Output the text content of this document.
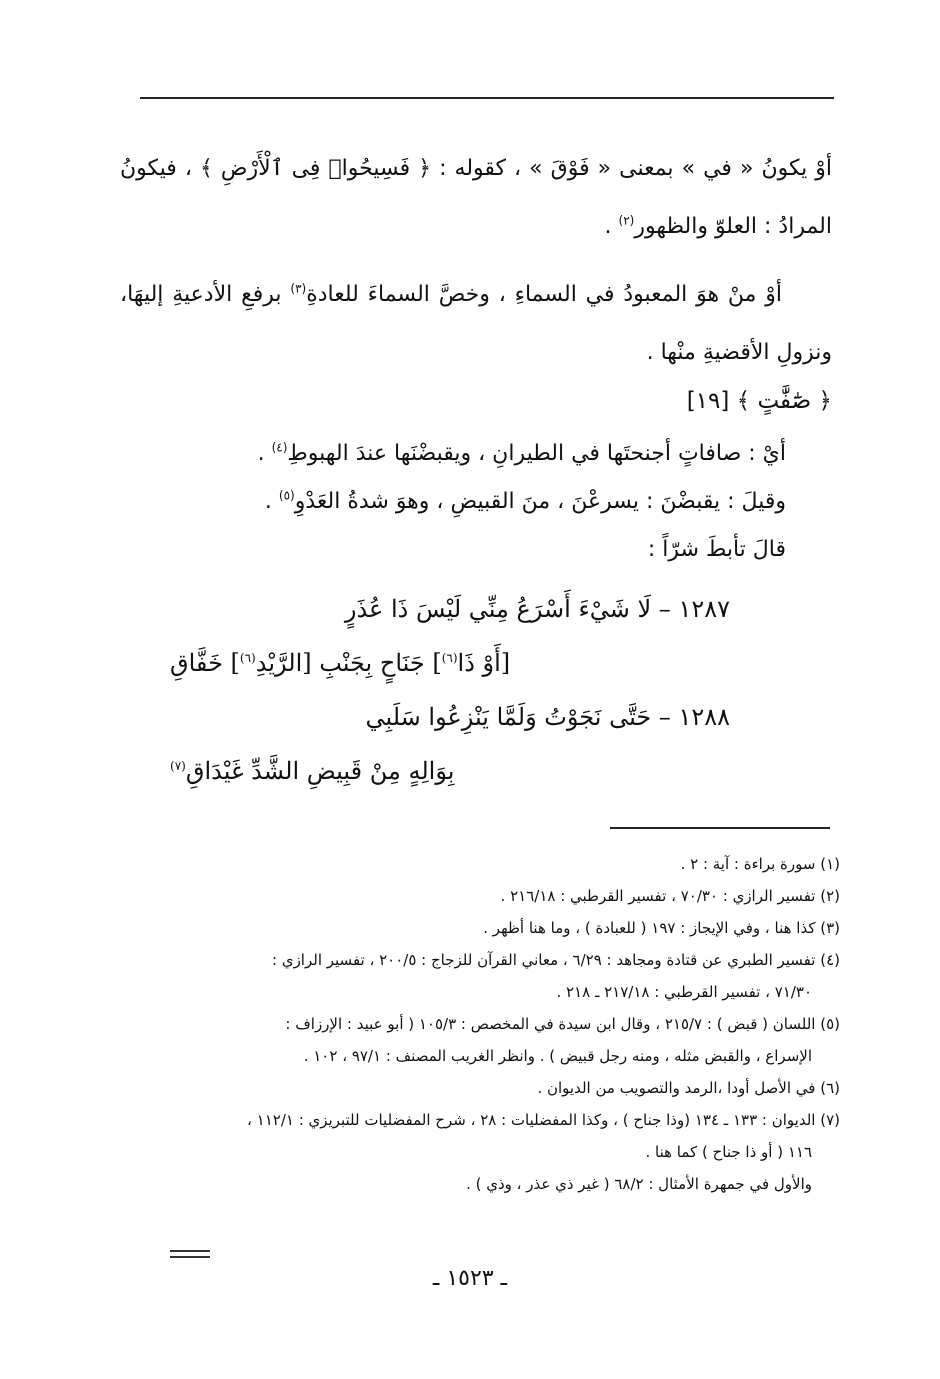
أوْ يكونُ « في » بمعنى « فَوْقَ » ، كقوله : ﴿ فَسِيحُوا۟ فِى ٱلْأَرْضِ ﴾ ، فيكونُ المرادُ : العلوّ والظهور$^{(٢)}$ .

أوْ منْ هوَ المعبودُ في السماءِ ، وخصَّ السماءَ للعادةِ$^{(٣)}$ برفعِ الأدعيةِ إليهَا، ونزولِ الأقضيةِ منْها .

﴿ صَٰٓفَّٰتٍ ﴾ [١٩]

أيْ : صافاتٍ أجنحتَها في الطيرانِ ، ويقبضْنَها عندَ الهبوطِ$^{(٤)}$ .

وقيلَ : يقبضْنَ : يسرعْنَ ، منَ القبيضِ ، وهوَ شدةُ العَدْوِ$^{(٥)}$ .

قالَ تأبطَ شرّاً :

١٢٨٧ – لَا شَيْءَ أَسْرَعُ مِنِّي لَيْسَ ذَا عُذَرٍ

[أَوْ ذَا$^{(٦)}$] جَنَاحٍ بِجَنْبِ [الرَّيْدِ$^{(٦)}$] خَفَّاقِ

١٢٨٨ – حَتَّى نَجَوْتُ وَلَمَّا يَنْزِعُوا سَلَبِي

بِوَالِهٍ مِنْ قَبِيضِ الشَّدِّ غَيْدَاقِ$^{(٧)}$

(١) سورة براءة : آية : ٢ .

(٢) تفسير الرازي : ٧٠/٣٠ ، تفسير القرطبي : ٢١٦/١٨ .

(٣) كذا هنا ، وفي الإيجاز : ١٩٧ ( للعبادة ) ، وما هنا أظهر .

(٤) تفسير الطبري عن قتادة ومجاهد : ٦/٢٩ ، معاني القرآن للزجاج : ٢٠٠/٥ ، تفسير الرازي :

٧١/٣٠ ، تفسير القرطبي : ٢١٧/١٨ ـ ٢١٨ .

(٥) اللسان ( قبض ) : ٢١٥/٧ ، وقال ابن سيدة في المخصص : ١٠٥/٣ ( أبو عبيد : الإرزاف :

الإسراع ، والقبض مثله ، ومنه رجل قبيض ) . وانظر الغريب المصنف : ٩٧/١ ، ١٠٢ .

(٦) في الأصل أودا ،الرمد والتصويب من الديوان .

(٧) الديوان : ١٣٣ ـ ١٣٤ (وذا جناح ) ، وكذا المفضليات : ٢٨ ، شرح المفضليات للتبريزي : ١١٢/١ ،

١١٦ ( أو ذا جناح ) كما هنا .

والأول في جمهرة الأمثال : ٦٨/٢ ( غير ذي عذر ، وذي ) .

ـ ١٥٢٣ ـ
